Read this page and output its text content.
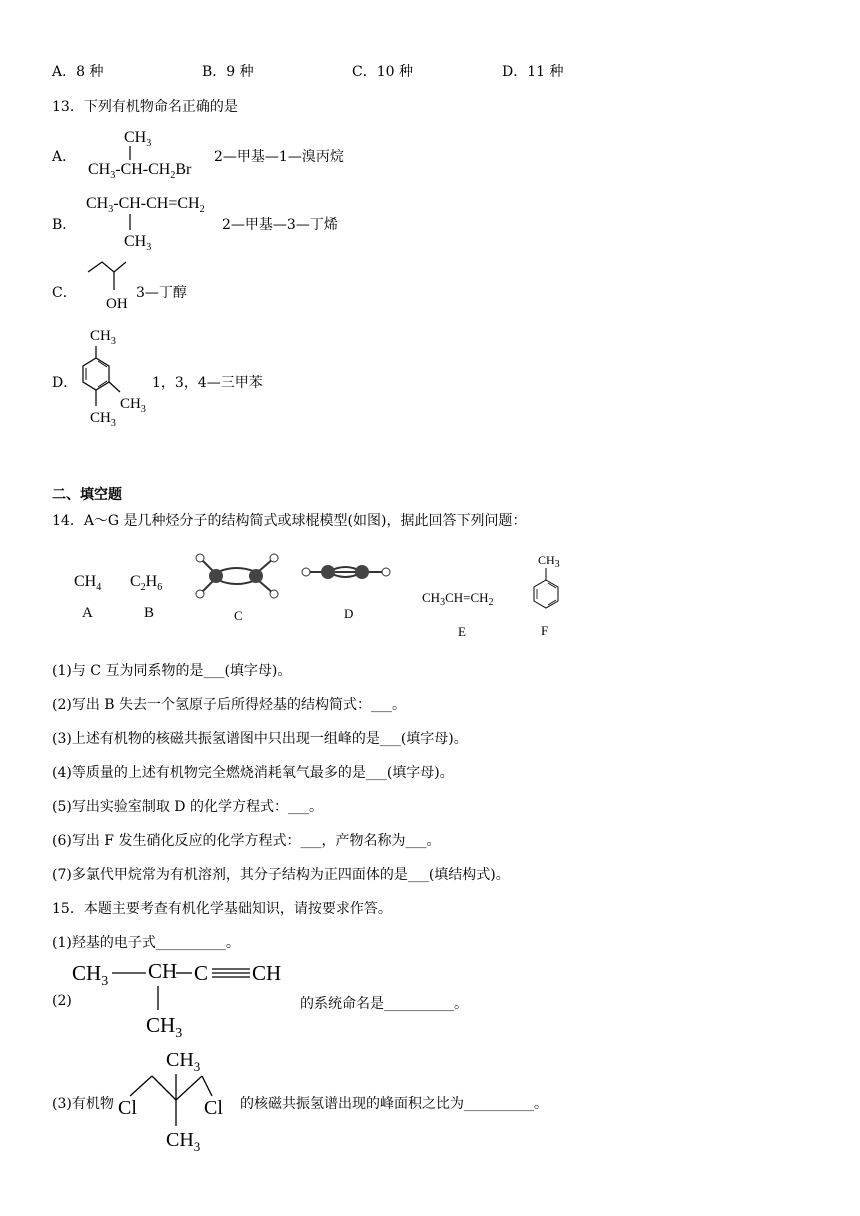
A．8 种	B．9 种	C．10 种	D．11 种
13．下列有机物命名正确的是
A．
$CH_3$
$CH_3-CH-CH_2Br$
2—甲基—1—溴丙烷
B．
$CH_3-CH-CH=CH_2$
$CH_3$
2—甲基—3—丁烯
C．
OH
3—丁醇
D．
$CH_3$
$CH_3$
$CH_3$
1，3，4—三甲苯
二、填空题
14．A～G 是几种烃分子的结构简式或球棍模型(如图)，据此回答下列问题：
$CH_4$
A
$C_2H_6$
B	C	D
$CH_3CH=CH_2$
E
$CH_3$
F
(1)与 C 互为同系物的是___(填字母)。
(2)写出 B 失去一个氢原子后所得烃基的结构简式：___。
(3)上述有机物的核磁共振氢谱图中只出现一组峰的是___(填字母)。
(4)等质量的上述有机物完全燃烧消耗氧气最多的是___(填字母)。
(5)写出实验室制取 D 的化学方程式：___。
(6)写出 F 发生硝化反应的化学方程式：___，产物名称为___。
(7)多氯代甲烷常为有机溶剂，其分子结构为正四面体的是___(填结构式)。
15．本题主要考查有机化学基础知识，请按要求作答。
(1)羟基的电子式__________。
(2)
$CH_3$ CH C CH
$CH_3$
的系统命名是__________。
(3)有机物
$CH_3$
Cl	Cl
$CH_3$
的核磁共振氢谱出现的峰面积之比为__________。
